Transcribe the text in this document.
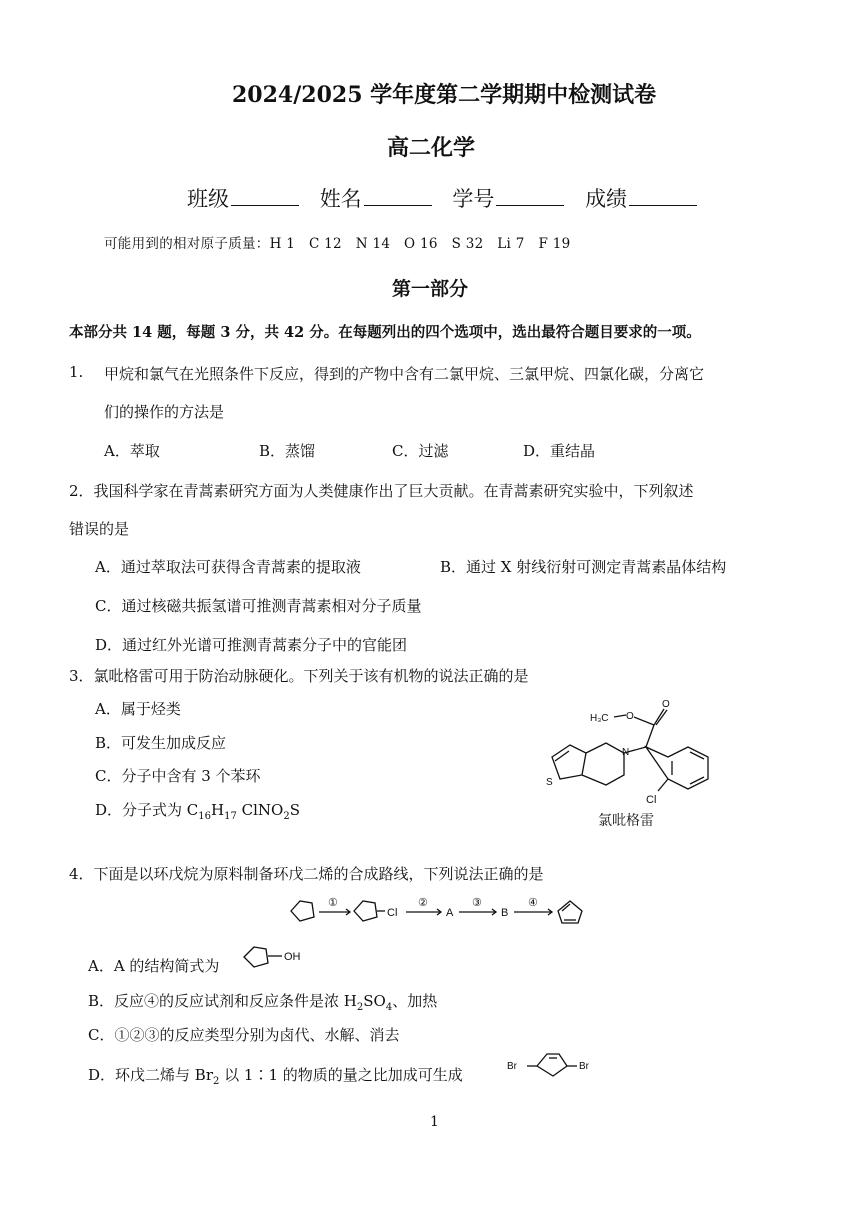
2024/2025 学年度第二学期期中检测试卷
高二化学
班级	姓名	学号	成绩
可能用到的相对原子质量：H 1　C 12　N 14　O 16　S 32　Li 7　F 19
第一部分
本部分共 14 题，每题 3 分，共 42 分。在每题列出的四个选项中，选出最符合题目要求的一项。
1. 甲烷和氯气在光照条件下反应，得到的产物中含有二氯甲烷、三氯甲烷、四氯化碳，分离它
们的操作的方法是
A．萃取	B．蒸馏	C．过滤	D．重结晶
2．我国科学家在青蒿素研究方面为人类健康作出了巨大贡献。在青蒿素研究实验中，下列叙述
错误的是
A．通过萃取法可获得含青蒿素的提取液	B．通过 X 射线衍射可测定青蒿素晶体结构
C．通过核磁共振氢谱可推测青蒿素相对分子质量
D．通过红外光谱可推测青蒿素分子中的官能团
3．氯吡格雷可用于防治动脉硬化。下列关于该有机物的说法正确的是
A．属于烃类
B．可发生加成反应
C．分子中含有 3 个苯环
D．分子式为 $C_{16}H_{17}$ ClNO$_2$S
H₃C O
O
N
S
Cl
氯吡格雷
4．下面是以环戊烷为原料制备环戊二烯的合成路线，下列说法正确的是
①
Cl
②
A
③
B
④
A．A 的结构简式为	OH
B．反应④的反应试剂和反应条件是浓 $H_2SO_4$、加热
C．①②③的反应类型分别为卤代、水解、消去
D．环戊二烯与 $Br_2$ 以 1∶1 的物质的量之比加成可生成	Br	Br
1
